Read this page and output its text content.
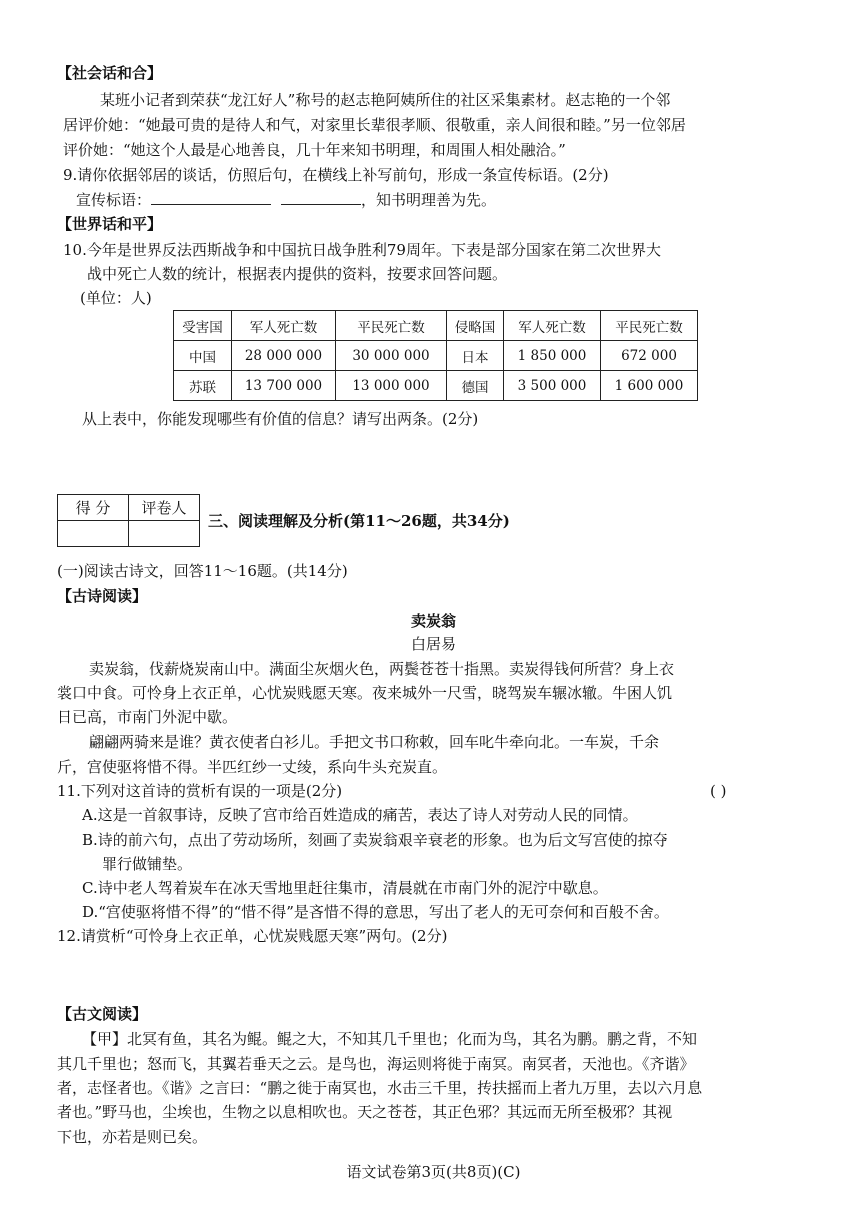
【社会话和合】
某班小记者到荣获“龙江好人”称号的赵志艳阿姨所住的社区采集素材。赵志艳的一个邻
居评价她：“她最可贵的是待人和气，对家里长辈很孝顺、很敬重，亲人间很和睦。”另一位邻居
评价她：“她这个人最是心地善良，几十年来知书明理，和周围人相处融洽。”
9.请你依据邻居的谈话，仿照后句，在横线上补写前句，形成一条宣传标语。(2分)
宣传标语：	，知书明理善为先。
【世界话和平】
10.今年是世界反法西斯战争和中国抗日战争胜利79周年。下表是部分国家在第二次世界大
战中死亡人数的统计，根据表内提供的资料，按要求回答问题。
(单位：人)
受害国	军人死亡数	平民死亡数	侵略国	军人死亡数	平民死亡数
中国	28 000 000	30 000 000	日本	1 850 000	672 000
苏联	13 700 000	13 000 000	德国	3 500 000	1 600 000
从上表中，你能发现哪些有价值的信息？请写出两条。(2分)
得 分	评卷人

三、阅读理解及分析(第11～26题，共34分)
(一)阅读古诗文，回答11～16题。(共14分)
【古诗阅读】
卖炭翁
白居易
卖炭翁，伐薪烧炭南山中。满面尘灰烟火色，两鬓苍苍十指黑。卖炭得钱何所营？身上衣
裳口中食。可怜身上衣正单，心忧炭贱愿天寒。夜来城外一尺雪，晓驾炭车辗冰辙。牛困人饥
日已高，市南门外泥中歇。
翩翩两骑来是谁？黄衣使者白衫儿。手把文书口称敕，回车叱牛牵向北。一车炭，千余
斤，宫使驱将惜不得。半匹红纱一丈绫，系向牛头充炭直。
11.下列对这首诗的赏析有误的一项是(2分)	( )
A.这是一首叙事诗，反映了宫市给百姓造成的痛苦，表达了诗人对劳动人民的同情。
B.诗的前六句，点出了劳动场所，刻画了卖炭翁艰辛衰老的形象。也为后文写宫使的掠夺
罪行做铺垫。
C.诗中老人驾着炭车在冰天雪地里赶往集市，清晨就在市南门外的泥泞中歇息。
D.“宫使驱将惜不得”的“惜不得”是吝惜不得的意思，写出了老人的无可奈何和百般不舍。
12.请赏析“可怜身上衣正单，心忧炭贱愿天寒”两句。(2分)
【古文阅读】
【甲】北冥有鱼，其名为鲲。鲲之大，不知其几千里也；化而为鸟，其名为鹏。鹏之背，不知
其几千里也；怒而飞，其翼若垂天之云。是鸟也，海运则将徙于南冥。南冥者，天池也。《齐谐》
者，志怪者也。《谐》之言曰：“鹏之徙于南冥也，水击三千里，抟扶摇而上者九万里，去以六月息
者也。”野马也，尘埃也，生物之以息相吹也。天之苍苍，其正色邪？其远而无所至极邪？其视
下也，亦若是则已矣。
语文试卷第3页(共8页)(C)
